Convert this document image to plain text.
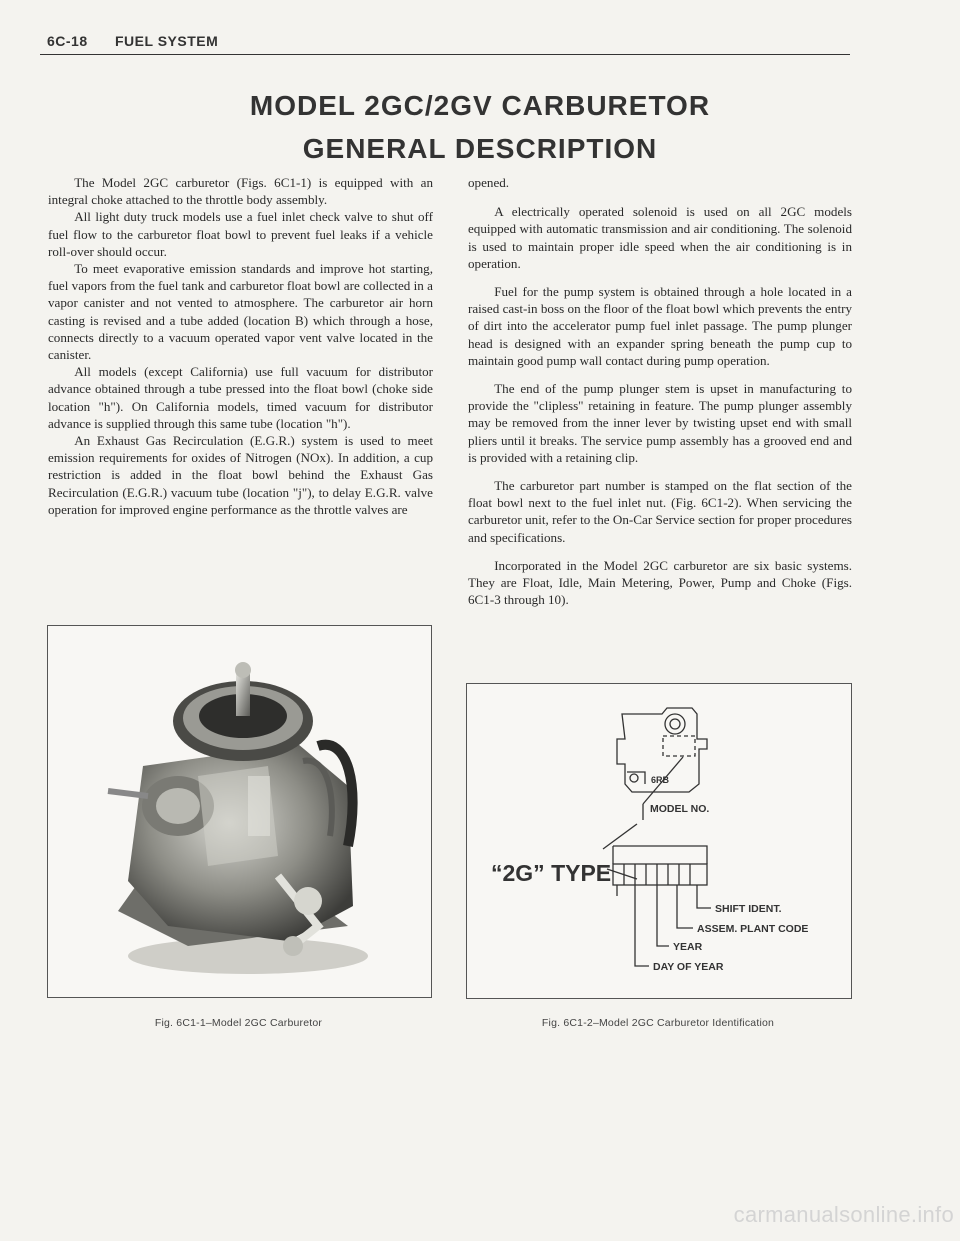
6C-18 FUEL SYSTEM
MODEL 2GC/2GV CARBURETOR
GENERAL DESCRIPTION

The Model 2GC carburetor (Figs. 6C1-1) is equipped with an integral choke attached to the throttle body assembly.

All light duty truck models use a fuel inlet check valve to shut off fuel flow to the carburetor float bowl to prevent fuel leaks if a vehicle roll-over should occur.

To meet evaporative emission standards and improve hot starting, fuel vapors from the fuel tank and carburetor float bowl are collected in a vapor canister and not vented to atmosphere. The carburetor air horn casting is revised and a tube added (location B) which through a hose, connects directly to a vacuum operated vapor vent valve located in the canister.

All models (except California) use full vacuum for distributor advance obtained through a tube pressed into the float bowl (choke side location "h"). On California models, timed vacuum for distributor advance is supplied through this same tube (location "h").

An Exhaust Gas Recirculation (E.G.R.) system is used to meet emission requirements for oxides of Nitrogen (NOx). In addition, a cup restriction is added in the float bowl behind the Exhaust Gas Recirculation (E.G.R.) vacuum tube (location "j"), to delay E.G.R. valve operation for improved engine performance as the throttle valves are

opened.

A electrically operated solenoid is used on all 2GC models equipped with automatic transmission and air conditioning. The solenoid is used to maintain proper idle speed when the air conditioning is in operation.

Fuel for the pump system is obtained through a hole located in a raised cast-in boss on the floor of the float bowl which prevents the entry of dirt into the accelerator pump fuel inlet passage. The pump plunger head is designed with an expander spring beneath the pump cup to maintain good pump wall contact during pump operation.

The end of the pump plunger stem is upset in manufacturing to provide the "clipless" retaining in feature. The pump plunger assembly may be removed from the inner lever by twisting upset end with small pliers until it breaks. The service pump assembly has a grooved end and is provided with a retaining clip.

The carburetor part number is stamped on the flat section of the float bowl next to the fuel inlet nut. (Fig. 6C1-2). When servicing the carburetor unit, refer to the On-Car Service section for proper procedures and specifications.

Incorporated in the Model 2GC carburetor are six basic systems. They are Float, Idle, Main Metering, Power, Pump and Choke (Figs. 6C1-3 through 10).

Fig. 6C1-1–Model 2GC Carburetor
6RB
MODEL NO.
“2G” TYPE
SHIFT IDENT.
ASSEM. PLANT CODE
YEAR
DAY OF YEAR
Fig. 6C1-2–Model 2GC Carburetor Identification
carmanualsonline.info
